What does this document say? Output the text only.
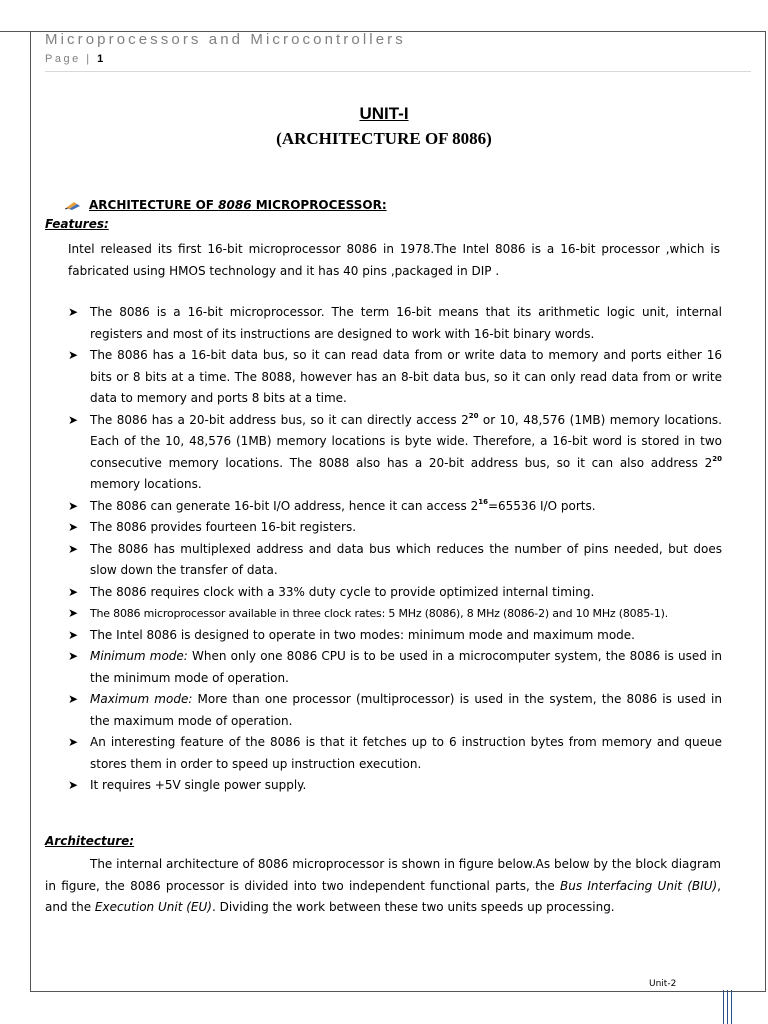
Microprocessors and Microcontrollers
Page | 1
UNIT-I
(ARCHITECTURE OF 8086)
ARCHITECTURE OF 8086 MICROPROCESSOR:
Features:
Intel released its first 16-bit microprocessor 8086 in 1978.The Intel 8086 is a 16-bit processor ,which is fabricated using HMOS technology and it has 40 pins ,packaged in DIP .
➤ The 8086 is a 16-bit microprocessor. The term 16-bit means that its arithmetic logic unit, internal registers and most of its instructions are designed to work with 16-bit binary words.
➤ The 8086 has a 16-bit data bus, so it can read data from or write data to memory and ports either 16 bits or 8 bits at a time. The 8088, however has an 8-bit data bus, so it can only read data from or write data to memory and ports 8 bits at a time.
➤ The 8086 has a 20-bit address bus, so it can directly access $2^{20}$ or 10, 48,576 (1MB) memory locations. Each of the 10, 48,576 (1MB) memory locations is byte wide. Therefore, a 16-bit word is stored in two consecutive memory locations. The 8088 also has a 20-bit address bus, so it can also address $2^{20}$ memory locations.
➤ The 8086 can generate 16-bit I/O address, hence it can access $2^{16}=65536$ I/O ports.
➤ The 8086 provides fourteen 16-bit registers.
➤ The 8086 has multiplexed address and data bus which reduces the number of pins needed, but does slow down the transfer of data.
➤ The 8086 requires clock with a 33% duty cycle to provide optimized internal timing.
➤ The 8086 microprocessor available in three clock rates: 5 MHz (8086), 8 MHz (8086-2) and 10 MHz (8085-1).
➤ The Intel 8086 is designed to operate in two modes: minimum mode and maximum mode.
➤ Minimum mode: When only one 8086 CPU is to be used in a microcomputer system, the 8086 is used in the minimum mode of operation.
➤ Maximum mode: More than one processor (multiprocessor) is used in the system, the 8086 is used in the maximum mode of operation.
➤ An interesting feature of the 8086 is that it fetches up to 6 instruction bytes from memory and queue stores them in order to speed up instruction execution.
➤ It requires +5V single power supply.
Architecture:
The internal architecture of 8086 microprocessor is shown in figure below.As below by the block diagram in figure, the 8086 processor is divided into two independent functional parts, the Bus Interfacing Unit (BIU), and the Execution Unit (EU). Dividing the work between these two units speeds up processing.
Unit-2
